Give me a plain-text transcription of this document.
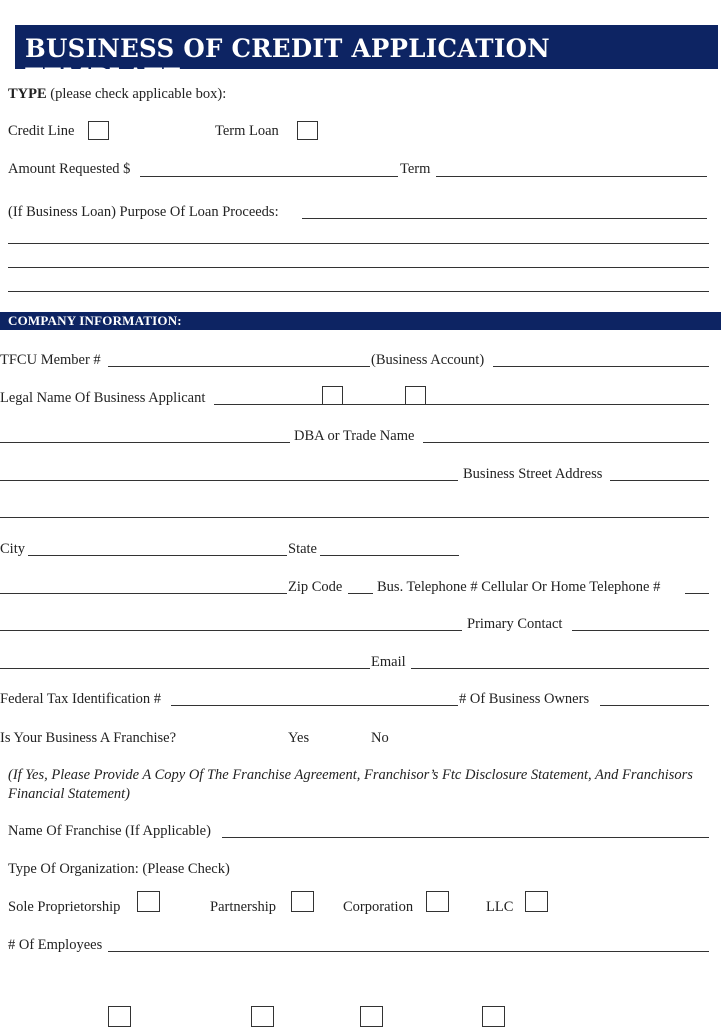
BUSINESS OF CREDIT APPLICATION TEMPLATE
TYPE (please check applicable box):
Credit Line	Term Loan
Amount Requested $	Term
(If Business Loan) Purpose Of Loan Proceeds:
COMPANY INFORMATION:
TFCU Member #	(Business Account)
Legal Name Of Business Applicant
DBA or Trade Name
Business Street Address
City	State
Zip Code Bus. Telephone # Cellular Or Home Telephone #
Primary Contact
Email
Federal Tax Identification #	# Of Business Owners
Is Your Business A Franchise?	Yes	No
(If Yes, Please Provide A Copy Of The Franchise Agreement, Franchisor’s Ftc Disclosure Statement, And Franchisors Financial Statement)
Name Of Franchise (If Applicable)
Type Of Organization: (Please Check)
Sole Proprietorship	Partnership	Corporation	LLC
# Of Employees
